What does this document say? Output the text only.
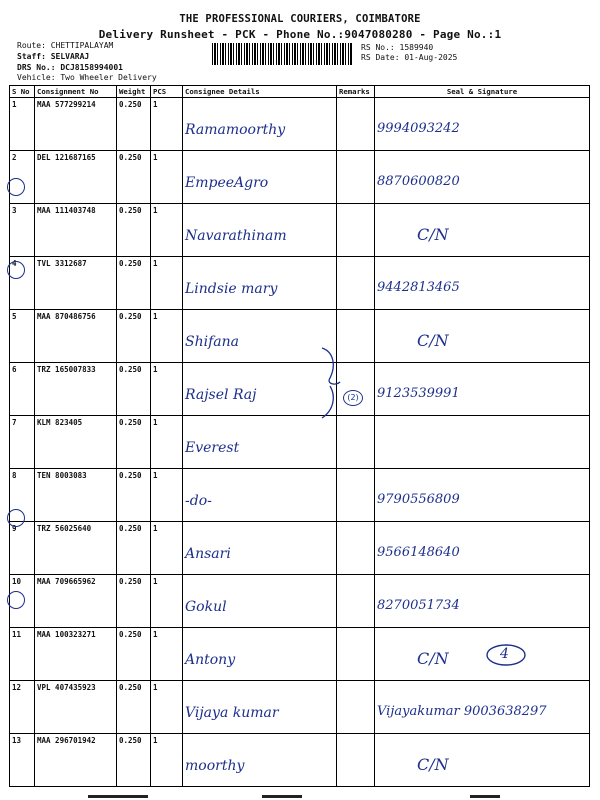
THE PROFESSIONAL COURIERS, COIMBATORE
Delivery Runsheet - PCK - Phone No.:9047080280 - Page No.:1
Route: CHETTIPALAYAM
Staff: SELVARAJ
DRS No.: DCJ8158994001
Vehicle: Two Wheeler Delivery
RS No.: 1589940
RS Date: 01-Aug-2025
S No	Consignment No	Weight	PCS	Consignee Details	Remarks	Seal & Signature
1	MAA 577299214	0.250	1	Ramamoorthy		9994093242
2	DEL 121687165	0.250	1	EmpeeAgro		8870600820
3	MAA 111403748	0.250	1	Navarathinam		C/N
4	TVL 3312687	0.250	1	Lindsie mary		9442813465
5	MAA 870486756	0.250	1	Shifana		C/N
6	TRZ 165007833	0.250	1	Rajsel Raj		9123539991
7	KLM 823405	0.250	1	Everest		
8	TEN 8003083	0.250	1	-do-		9790556809
9	TRZ 56025640	0.250	1	Ansari		9566148640
10	MAA 709665962	0.250	1	Gokul		8270051734
11	MAA 100323271	0.250	1	Antony		C/N
12	VPL 407435923	0.250	1	Vijaya kumar		Vijayakumar 9003638297
13	MAA 296701942	0.250	1	moorthy		C/N
(2)
4
